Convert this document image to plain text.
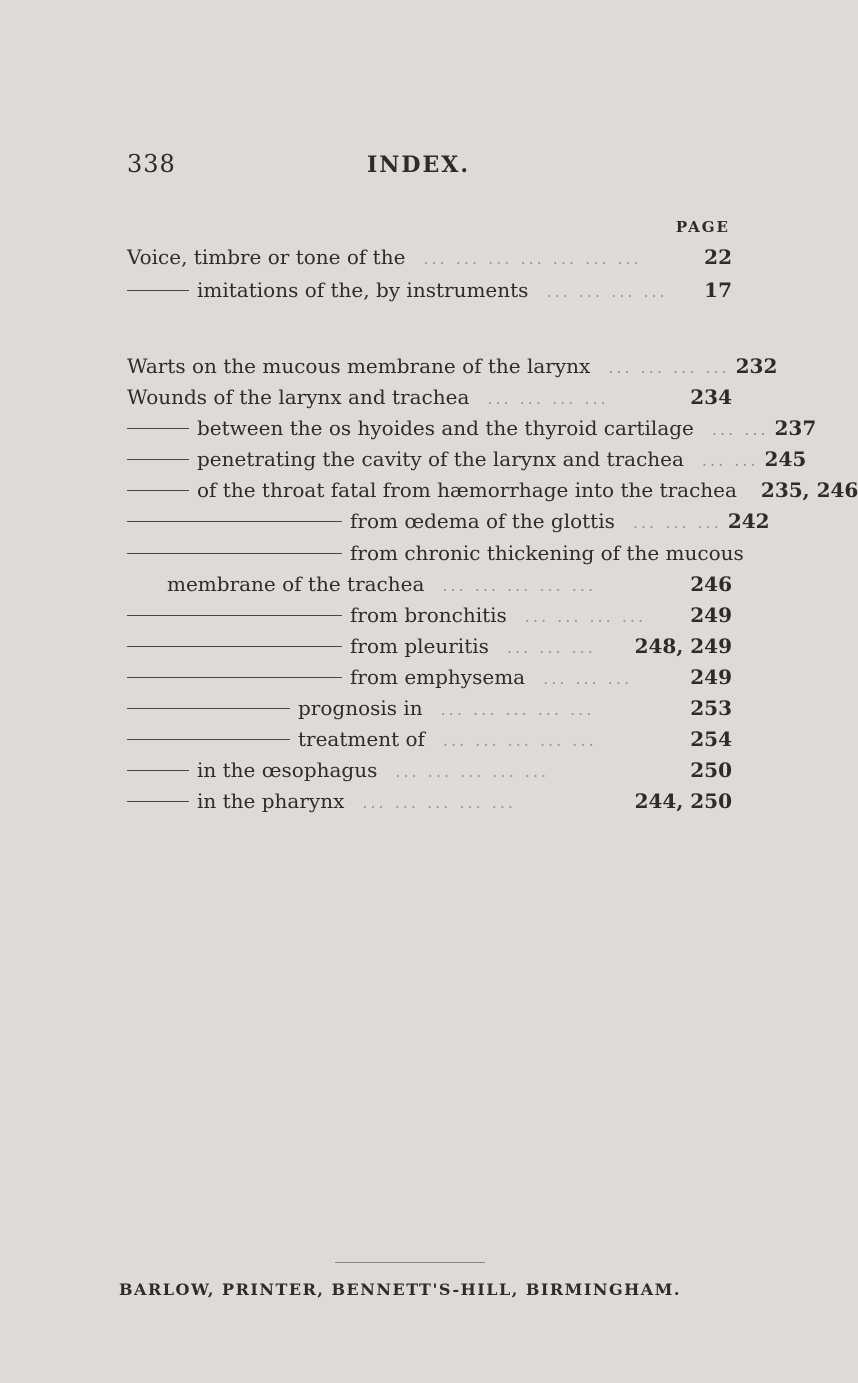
338	INDEX.
PAGE
Voice, timbre or tone of the	... ... ... ... ... ... ...	22
imitations of the, by instruments	... ... ... ...	17
Warts on the mucous membrane of the larynx	... ... ... ... 232
Wounds of the larynx and trachea	... ... ... ...	234
between the os hyoides and the thyroid cartilage	... ... 237
penetrating the cavity of the larynx and trachea	... ... 245
of the throat fatal from hæmorrhage into the trachea	235, 246
from œdema of the glottis	... ... ... 242
from chronic thickening of the mucous
membrane of the trachea	... ... ... ... ...	246
from bronchitis	... ... ... ...	249
from pleuritis	... ... ...	248, 249
from emphysema	... ... ...	249
prognosis in	... ... ... ... ...	253
treatment of	... ... ... ... ...	254
in the œsophagus	... ... ... ... ...	250
in the pharynx	... ... ... ... ...	244, 250
BARLOW, PRINTER, BENNETT'S-HILL, BIRMINGHAM.
